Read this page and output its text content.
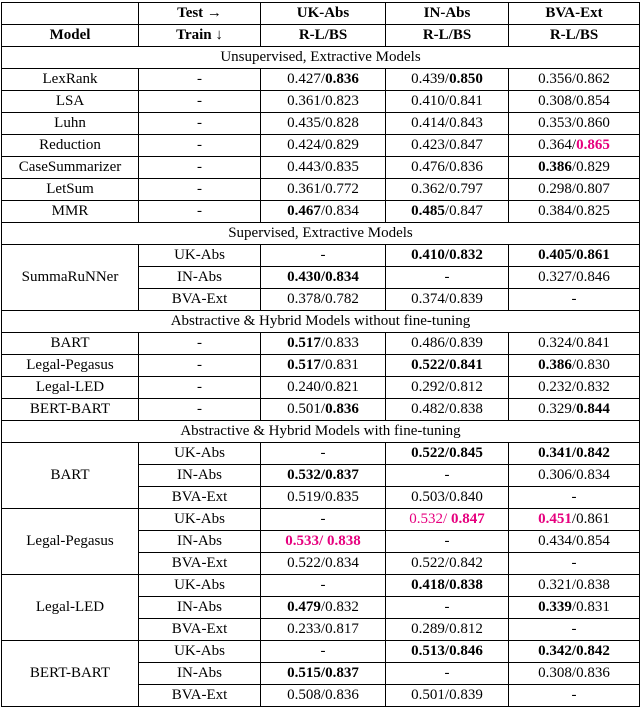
	Test →	UK-Abs	IN-Abs	BVA-Ext
Model	Train ↓	R-L/BS	R-L/BS	R-L/BS
Unsupervised, Extractive Models				
LexRank	-	0.427/0.836	0.439/0.850	0.356/0.862
LSA	-	0.361/0.823	0.410/0.841	0.308/0.854
Luhn	-	0.435/0.828	0.414/0.843	0.353/0.860
Reduction	-	0.424/0.829	0.423/0.847	0.364/0.865
CaseSummarizer	-	0.443/0.835	0.476/0.836	0.386/0.829
LetSum	-	0.361/0.772	0.362/0.797	0.298/0.807
MMR	-	0.467/0.834	0.485/0.847	0.384/0.825
Supervised, Extractive Models				
SummaRuNNer	UK-Abs	-	0.410/0.832	0.405/0.861
	IN-Abs	0.430/0.834	-	0.327/0.846
	BVA-Ext	0.378/0.782	0.374/0.839	-
Abstractive & Hybrid Models without fine-tuning				
BART	-	0.517/0.833	0.486/0.839	0.324/0.841
Legal-Pegasus	-	0.517/0.831	0.522/0.841	0.386/0.830
Legal-LED	-	0.240/0.821	0.292/0.812	0.232/0.832
BERT-BART	-	0.501/0.836	0.482/0.838	0.329/0.844
Abstractive & Hybrid Models with fine-tuning				
BART	UK-Abs	-	0.522/0.845	0.341/0.842
	IN-Abs	0.532/0.837	-	0.306/0.834
	BVA-Ext	0.519/0.835	0.503/0.840	-
Legal-Pegasus	UK-Abs	-	0.532/ 0.847	0.451/0.861
	IN-Abs	0.533/ 0.838	-	0.434/0.854
	BVA-Ext	0.522/0.834	0.522/0.842	-
Legal-LED	UK-Abs	-	0.418/0.838	0.321/0.838
	IN-Abs	0.479/0.832	-	0.339/0.831
	BVA-Ext	0.233/0.817	0.289/0.812	-
BERT-BART	UK-Abs	-	0.513/0.846	0.342/0.842
	IN-Abs	0.515/0.837	-	0.308/0.836
	BVA-Ext	0.508/0.836	0.501/0.839	-
